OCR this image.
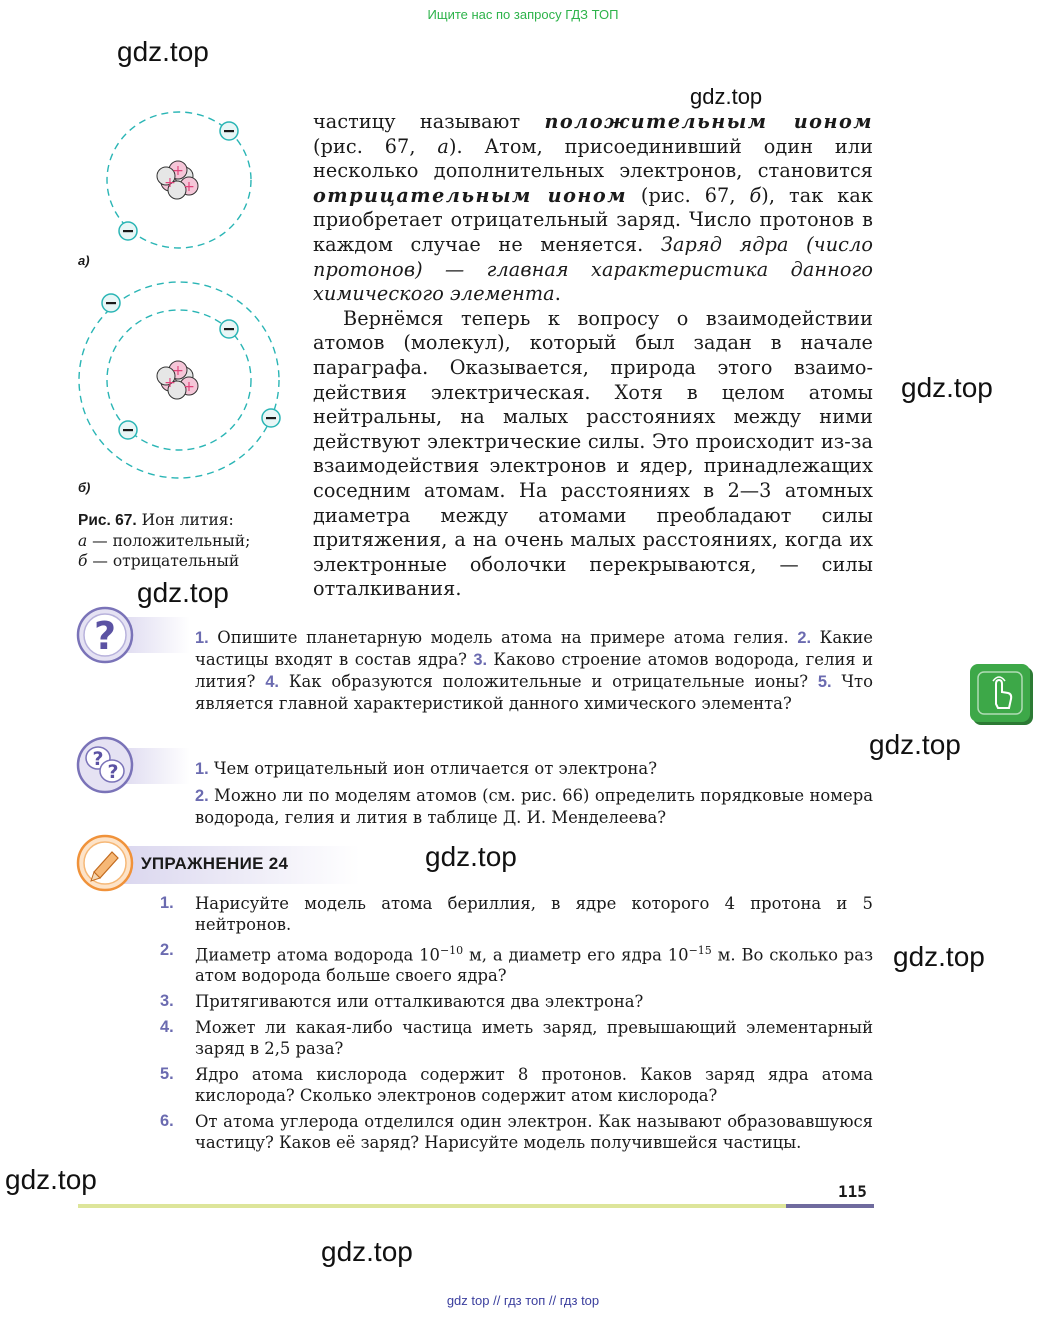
Ищите нас по запросу ГДЗ ТОП
gdz.top
gdz.top
gdz.top
gdz.top
gdz.top
gdz.top
gdz.top
gdz.top
gdz.top
+
+
+
а)
+
+
+
б)
Рис. 67. Ион лития:
а — положительный;
б — отрицательный

частицу называют положительным ионом (рис. 67, а). Атом, присоединивший один или несколько дополнительных электронов, становится отрицательным ионом (рис. 67, б), так как приобретает отрицательный заряд. Число протонов в каждом случае не меняется. Заряд ядра (число протонов) — главная характеристика данного химического элемента.

Вернёмся теперь к вопросу о взаимодействии атомов (молекул), который был задан в начале параграфа. Оказывается, природа этого взаимодействия электрическая. Хотя в целом атомы нейтральны, на малых расстояниях между ними действуют электрические силы. Это происходит из-за взаимодействия электронов и ядер, принадлежащих соседним атомам. На расстояниях в 2—3 атомных диаметра между атомами преобладают силы притяжения, а на очень малых расстояниях, когда их электронные оболочки перекрываются, — силы отталкивания.

?	1. Опишите планетарную модель атома на примере атома гелия. 2. Какие частицы входят в состав ядра? 3. Каково строение атомов водорода, гелия и лития? 4. Как образуются положительные и отрицательные ионы? 5. Что является главной характеристикой данного химического элемента?

?
?	1. Чем отрицательный ион отличается от электрона?

2. Можно ли по моделям атомов (см. рис. 66) определить порядковые номера водорода, гелия и лития в таблице Д. И. Менделеева?

УПРАЖНЕНИЕ 24
1. Нарисуйте модель атома бериллия, в ядре которого 4 протона и 5 нейтронов.
2. Диаметр атома водорода $10^{-10}$ м, а диаметр его ядра $10^{-15}$ м. Во сколько раз атом водорода больше своего ядра?
3. Притягиваются или отталкиваются два электрона?
4. Может ли какая-либо частица иметь заряд, превышающий элементарный заряд в 2,5 раза?
5. Ядро атома кислорода содержит 8 протонов. Каков заряд ядра атома кислорода? Сколько электронов содержит атом кислорода?
6. От атома углерода отделился один электрон. Как называют образовавшуюся частицу? Каков её заряд? Нарисуйте модель получившейся частицы.
115
gdz top // гдз топ // гдз top
